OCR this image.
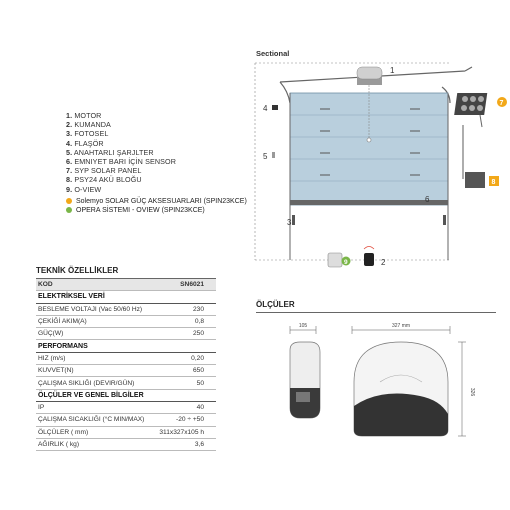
Sectional
1
4
5
3
6
7
8
9	2
1. MOTOR
2. KUMANDA
3. FOTOSEL
4. FLAŞÖR
5. ANAHTARLI ŞARJLTER
6. EMNIYET BARI İÇİN SENSOR
7. SYP SOLAR PANEL
8. PSY24 AKÜ BLOĞU
9. O-VIEW
Solemyo SOLAR GÜÇ AKSESUARLARI (SPIN23KCE)
OPERA SİSTEMI - OVIEW (SPIN23KCE)
TEKNİK ÖZELLİKLER
KOD	SN6021
ELEKTRİKSEL VERİ	
BESLEME VOLTAJI (Vac 50/60 Hz)	230
ÇEKİĞİ AKIM(A)	0,8
GÜÇ(W)	250
PERFORMANS	
HIZ (m/s)	0,20
KUVVET(N)	650
ÇALIŞMA SIKLIĞI (DEVIR/GÜN)	50
ÖLÇÜLER VE GENEL BİLGİLER	
IP	40
ÇALIŞMA SICAKLIĞI (°C MIN/MAX)	-20 ÷ +50
ÖLÇÜLER ( mm)	311x327x105 h
AĞIRLIK ( kg)	3,6
ÖLÇÜLER
105	327 mm
326
